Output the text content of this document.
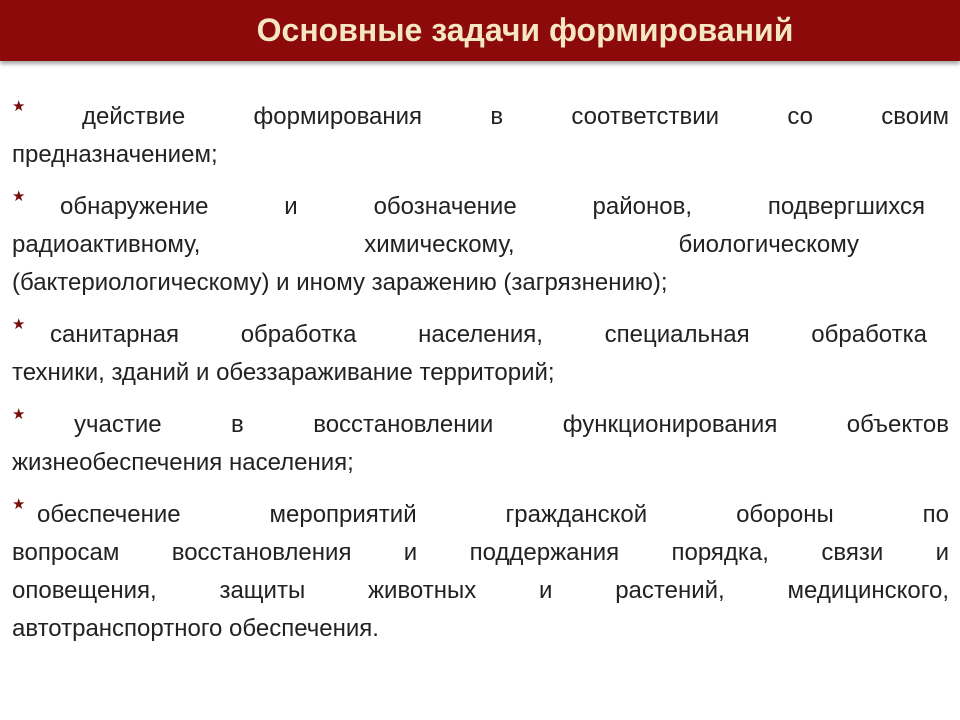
Основные задачи формирований
★	действие формирования в соответствии со своим
предназначением;
★	обнаружение и обозначение районов, подвергшихся
радиоактивному, химическому, биологическому
(бактериологическому) и иному заражению (загрязнению);
★	санитарная обработка населения, специальная обработка
техники, зданий и обеззараживание территорий;
★	участие в восстановлении функционирования объектов
жизнеобеспечения населения;
★ обеспечение мероприятий гражданской обороны по
вопросам восстановления и поддержания порядка, связи и
оповещения, защиты животных и растений, медицинского,
автотранспортного обеспечения.
